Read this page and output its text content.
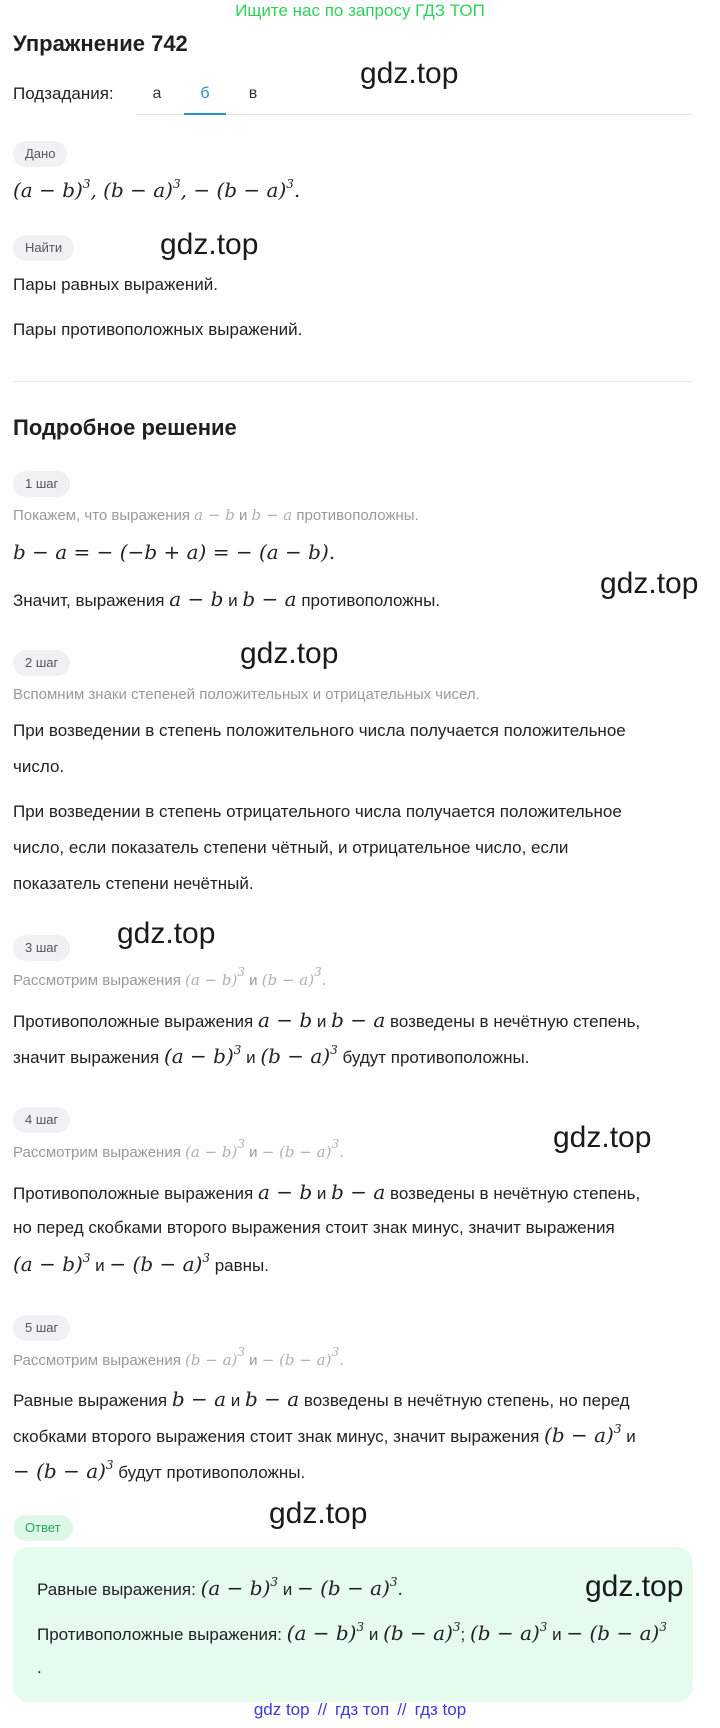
Ищите нас по запросу ГДЗ ТОП
Упражнение 742
gdz.top
Подзадания:	а	б	в
Дано
$(a - b)^3$, $(b - a)^3$, − $(b - a)^3$.
Найти	gdz.top
Пары равных выражений.
Пары противоположных выражений.
Подробное решение
1 шаг
Покажем, что выражения a − b и b − a противоположны.
b − a = − (−b + a) = − (a − b).
gdz.top
Значит, выражения a − b и b − a противоположны.
gdz.top
2 шаг
Вспомним знаки степеней положительных и отрицательных чисел.
При возведении в степень положительного числа получается положительное
число.
При возведении в степень отрицательного числа получается положительное
число, если показатель степени чётный, и отрицательное число, если
показатель степени нечётный.
3 шаг	gdz.top
Рассмотрим выражения $(a - b)^3$ и $(b - a)^3$.
Противоположные выражения a − b и b − a возведены в нечётную степень,
значит выражения $(a - b)^3$ и $(b - a)^3$ будут противоположны.
4 шаг
gdz.top
Рассмотрим выражения $(a - b)^3$ $и - (b - a)^3$.
Противоположные выражения a − b и b − a возведены в нечётную степень,
но перед скобками второго выражения стоит знак минус, значит выражения
$(a - b)^3$ $и - (b - a)^3$ равны.
5 шаг
Рассмотрим выражения $(b - a)^3$ $и - (b - a)^3$.
Равные выражения b − a и b − a возведены в нечётную степень, но перед
скобками второго выражения стоит знак минус, значит выражения $(b - a)^3$ и
− $(b - a)^3$ будут противоположны.
Ответ	gdz.top
gdz.top
Равные выражения: $(a - b)^3$ $и - (b - a)^3$.
Противоположные выражения: $(a - b)^3$ и $(b - a)^3$; $(b - a)^3$ $и - (b - a)^3$
.
gdz top // гдз топ // гдз top
